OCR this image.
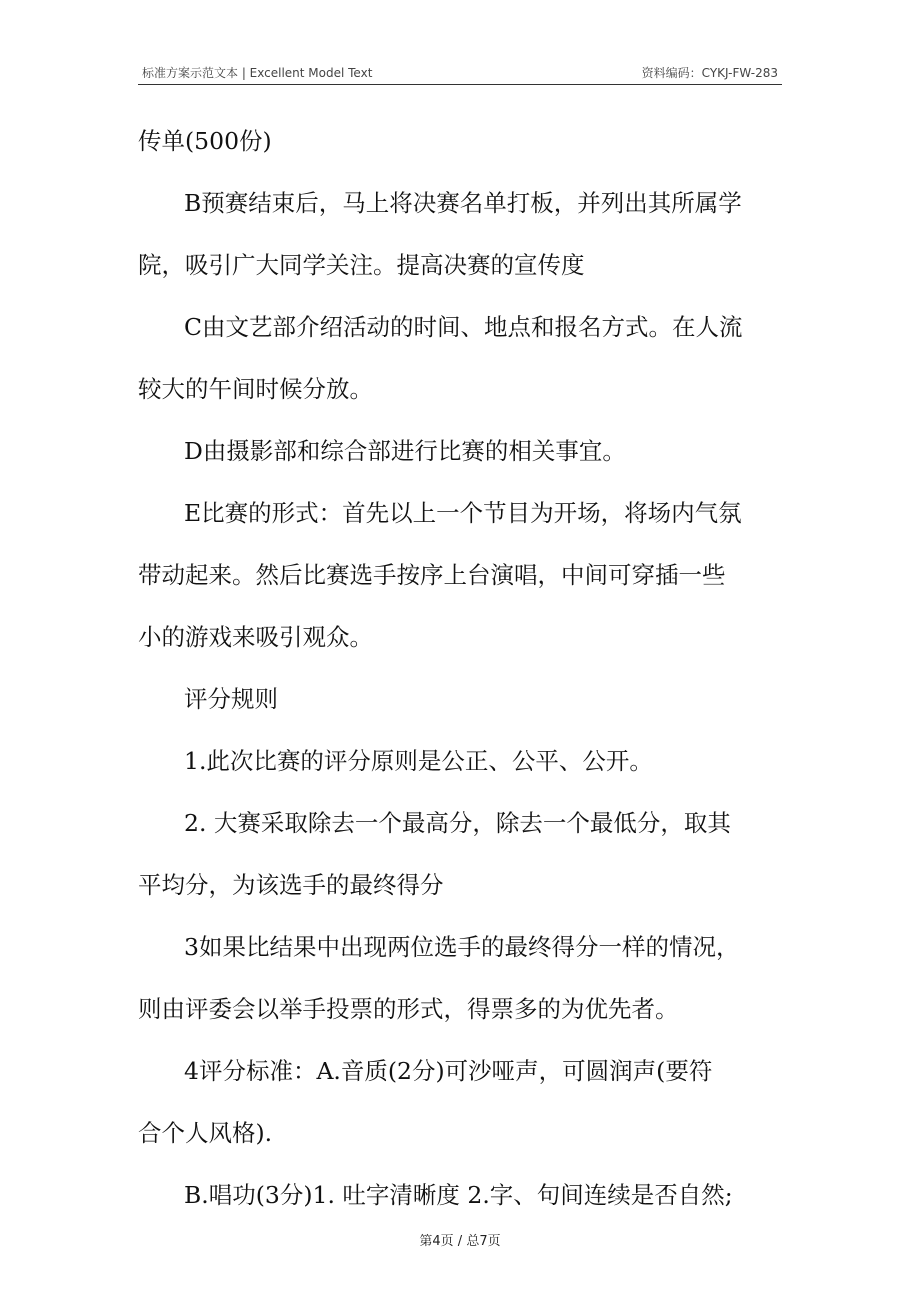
标准方案示范文本 | Excellent Model Text	资料编码：CYKJ-FW-283
传单(500份)
B预赛结束后，马上将决赛名单打板，并列出其所属学
院，吸引广大同学关注。提高决赛的宣传度
C由文艺部介绍活动的时间、地点和报名方式。在人流
较大的午间时候分放。
D由摄影部和综合部进行比赛的相关事宜。
E比赛的形式：首先以上一个节目为开场，将场内气氛
带动起来。然后比赛选手按序上台演唱，中间可穿插一些
小的游戏来吸引观众。
评分规则
1.此次比赛的评分原则是公正、公平、公开。
2. 大赛采取除去一个最高分，除去一个最低分，取其
平均分，为该选手的最终得分
3如果比结果中出现两位选手的最终得分一样的情况，
则由评委会以举手投票的形式，得票多的为优先者。
4评分标准：A.音质(2分)可沙哑声，可圆润声(要符
合个人风格).
B.唱功(3分)1. 吐字清晰度 2.字、句间连续是否自然;
第4页 / 总7页
